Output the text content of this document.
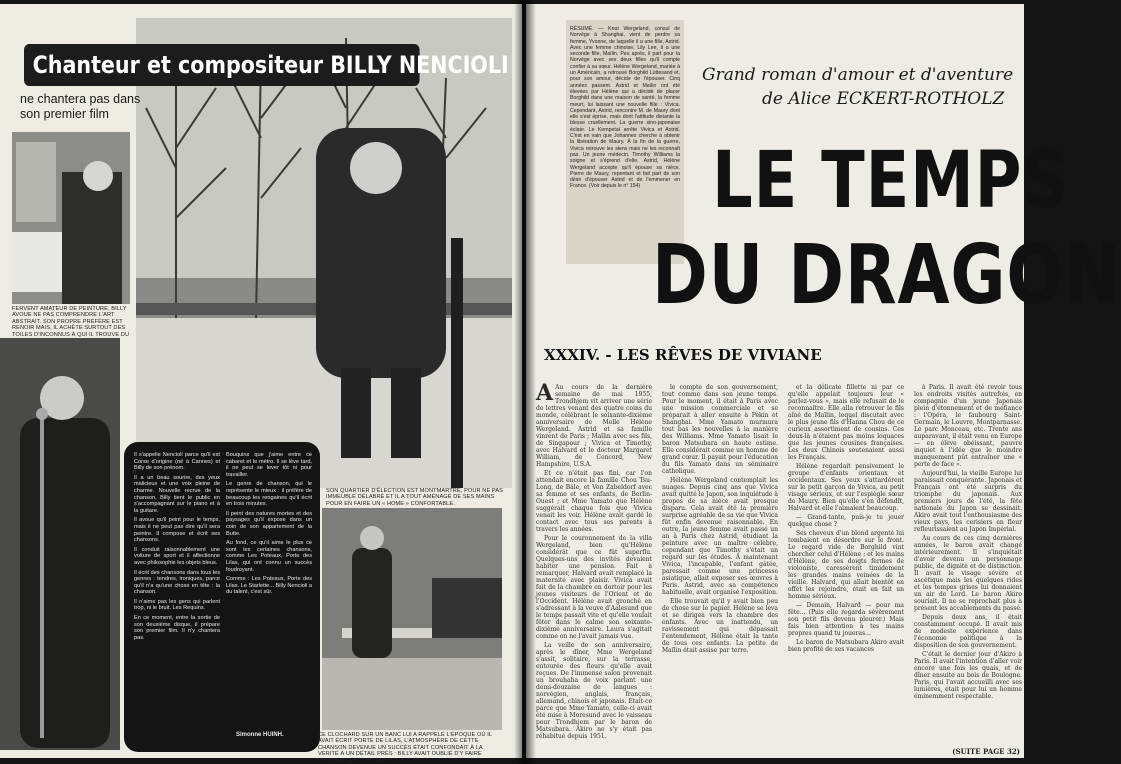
FERVENT AMATEUR DE PEINTURE, BILLY AVOUE NE PAS COMPRENDRE L'ART ABSTRAIT. SON PROPRE PRÉFÈRE EST RENOIR MAIS, IL ACHÈTE SURTOUT DES TOILES D'INCONNUS À QUI IL TROUVE DU
Chanteur et compositeur BILLY NENCIOLI
ne chantera pas dans son premier film

Il s'appelle Nencioli parce qu'il est Corse d'origine (né à Cannes) et Billy de son prénom.

Il a un beau sourire, des yeux malicieux et une voix pleine de charme. Nouvelle recrue de la chanson, Billy tient le public en s'accompagnant sur le piano et à la guitare.

Il avoue qu'il peint pour le temps, mais il ne peut pas dire qu'il sera peintre. Il compose et écrit ses chansons.

Il conduit raisonnablement une voiture de sport et il affectionne avec philosophie les objets bleus.

Il écrit des chansons dans tous les genres : tendres, ironiques, parce qu'il n'a qu'une chose en tête : la chanson.

Il n'aime pas les gens qui parlent trop, ni le bruit. Les Requins.

En ce moment, entre la sortie de son deuxième disque, il prépare son premier film. Il n'y chantera pas.

Bouquins que j'aime entre ce cabaret et le métro. Il se lève tard, il ne peut se lever tôt ni pour travailler.

Le genre de chanson, qui le représente le mieux : il préfère de beaucoup les rengaines qu'il écrit en trois minutes.

Il peint des natures mortes et des paysages qu'il expose dans un coin de son appartement de la Butte.

Au fond, ce qu'il aime le plus ce sont les certaines chansons, comme Les Poteaux, Porte des Lilas, qui ont connu un succès foudroyant.

Comme : Les Poteaux, Porte des Lilas. Le Starlette... Billy Nencioli a du talent, c'est sûr.

Simonne HUINH.
SON QUARTIER D'ÉLECTION EST MONTMARTRE, POUR NE PAS IMMEUBLE DÉLABRÉ ET IL A TOUT AMÉNAGÉ DE SES MAINS POUR EN FAIRE UN « HOME » CONFORTABLE.
CE CLOCHARD SUR UN BANC LUI A RAPPELÉ L'ÉPOQUE OÙ IL AVAIT ÉCRIT PORTE DE LILAS, L'ATMOSPHÈRE DE CETTE CHANSON DEVENUE UN SUCCÈS ÉTAIT CONFONDAIT À LA VÉRITÉ À UN DÉTAIL PRÈS : BILLY AVAIT OUBLIÉ D'Y FAIRE FIGURER LES CLOCHARDS !

RÉSUMÉ. — Knut Wergeland, consul de Norvège à Shanghai, vient de perdre sa femme, Yvonne, de laquelle il a une fille, Astrid. Avec une femme chinoise, Lily Lee, il a une seconde fille, Maïlin. Peu après, il part pour la Norvège avec ses deux filles qu'il compte confier à sa sœur. Hélène Wergeland, mariée à un Américain, a retrouvé Borghild Lüttesand et, pour son amour, décide de l'épouser. Cinq années passent. Astrid et Maïlin ont été élevées par Hélène qui a décidé de placer Borghild dans une maison de santé, la femme meurt, lui laissant une nouvelle fille : Vivica. Cependant, Astrid, rencontre M. de Maury dont elle s'est éprise, mais dont l'attitude distante la blesse cruellement. La guerre sino-japonaise éclate. Le Kempetaï arrête Vivica et Astrid. C'est en vain que Johannes cherche à obtenir la libération de Maury. À la fin de la guerre, Vivica retrouve les siens mais ne les reconnaît pas. Un jeune médecin, Timothy Williams la soigne et s'éprend d'elle. Astrid, Hélène Wergeland accepte qu'il épouse sa nièce. Pierre de Maury, repentant et fait part de son désir d'épouser Astrid et de l'emmener en France. (Voir depuis le n° 154)

Grand roman d'amour et d'aventure
de Alice ECKERT-ROTHOLZ
LE TEMPS
DU DRAGON
XXXIV. - LES RÊVES DE VIVIANE
A Au cours de la dernière semaine de mai 1955, Trondhjem vit arriver une série de lettres venant des quatre coins du monde, célébrant le soixante-dixième anniversaire de Melle Hélène Wergeland. Astrid et sa famille vinrent de Paris ; Maïlin avec ses fils, de Singapour ; Vivica et Timothy, avec Halvard et le docteur Margaret William, de Concord, New Hampshire, U.S.A.

Et ce n'était pas fini, car l'on attendait encore la famille Chou Tsu-Long, de Bâle, et Von Zabeldorf avec sa femme et ses enfants, de Berlin-Ouest ; et Mme Yamato que Hélène suggérait chaque fois que Vivica venait les voir. Hélène avait gardé le contact avec tous ses parents à travers les années.

Pour le couronnement de la villa Wergeland, bien qu'Hélène considérât que ce fût superflu. Quelques-uns des invités devaient habiter une pension. Fait à remarquer, Halvard avait remplacé la maternité avec plaisir. Vivica avait fait de la chambre en dortoir pour les jeunes visiteurs de l'Orient et de l'Occident. Hélène avait gronché en s'adressant à la veuve d'Aalesund que le temps passait vite et qu'elle voulait fêter dans le calme son soixante-dixième anniversaire. Laura s'agitait comme on ne l'avait jamais vue.

La veille de son anniversaire, après le dîner, Mme Wergeland s'assit, solitaire, sur la terrasse, entourée des fleurs qu'elle avait reçues. De l'immense salon provenait un brouhaha de voix parlant une demi-douzaine de langues : norvégien, anglais, français, allemand, chinois et japonais. Etait-ce parce que Mme Yamato, celle-ci avait été mise à Moresund avec le vaisseau pour Trondhjem par le baron de Matsubara. Akiro ne s'y était pas réhabitué depuis 1951.

le compte de son gouvernement, tout comme dans son jeune temps. Pour le moment, il était à Paris avec une mission commerciale et se préparait à aller ensuite à Pékin et Shanghai. Mme Yamato murmura tout bas les nouvelles à la manière des Williams. Mme Yamato lisait le baron Matsubara en haute estime. Elle considérait comme un homme de grand cœur. Il payait pour l'éducation du fils Yamato dans un séminaire catholique.

Hélène Wergeland contemplait les nuages. Depuis cinq ans que Vivica avait quitté le Japon, son inquiétude à propos de sa nièce avait presque disparu. Cela avait été la première surprise agréable de sa vie que Vivica fût enfin devenue raisonnable. En outre, la jeune femme avait passé un an à Paris chez Astrid, étudiant la peinture avec un maître célèbre, cependant que Timothy s'était un regard sur les études. À maintenant Vivica, l'incapable, l'enfant gâtée, paressait comme une princesse asiatique, allait exposer ses œuvres à Paris. Astrid, avec sa compétence habituelle, avait organisé l'exposition.

Elle trouvait qu'il y avait bien peu de chose sur le papier. Hélène se leva et se dirigea vers la chambre des enfants. Avec un inattendu, un ravissement qui dépassait l'entendement, Hélène était la tante de tous ces enfants. La petite de Maïlin était assise par terre.

et la délicate fillette ni par ce qu'elle appelait toujours leur « parlez-vous », mais elle refusait de le reconnaître. Elle alla retrouver le fils aîné de Maïlin, lequel discutait avec le plus jeune fils d'Hanna Chou de ce curieux assortiment de cousins. Ces deux-là n'étaient pas moins loquaces que les jeunes cousines françaises. Les deux Chinois soutenaient aussi les Français.

Hélène regardait pensivement le groupe d'enfants orientaux et occidentaux. Ses yeux s'attardèrent sur le petit garçon de Vivica, au petit visage sérieux, et sur l'espiègle sœur de Maury. Bien qu'elle s'en défendît, Halvard et elle l'aimaient beaucoup.

— Grand-tante, puis-je te jouer quelque chose ?

Ses cheveux d'un blond argenté lui tombaient en désordre sur le front. Le regard vide de Borghild vint chercher celui d'Hélène ; et les mains d'Hélène, de ses doigts fermes de violoniste, caressèrent timidement les grandes mains veinées de la vieille. Halvard, qui allait bientôt en effet les rejoindre, était en fait un homme sérieux.

— Demain, Halvard — pour ma fête... (Puis elle regarda sévèrement son petit fils devenu pleurer.) Mais fais bien attention à tes mains propres quand tu joueras...

Le baron de Matsubara Akiro avait bien profité de ses vacances

à Paris. Il avait été revoir tous les endroits visités autrefois, en compagnie d'un jeune Japonais plein d'étonnement et de méfiance : l'Opéra, le faubourg Saint-Germain, le Louvre, Montparnasse. Le parc Monceau, etc. Trente ans auparavant, il était venu en Europe — en élève obéissant, pauvre inquiet à l'idée que le moindre manquement pût entraîner une « perte de face ».

Aujourd'hui, la vieille Europe lui paraissait conquérante. Japonais et Français ont été surpris du triomphe du japonais. Aux premiers jours de l'été, la fête nationale du Japon se dessinait. Akiro avait tout l'enthousiasme des vieux pays, les cerisiers en fleur refleurissaient au Japon Impérial.

Au cours de ces cinq dernières années, le baron avait changé intérieurement. Il s'inquiétait d'avoir devenu un personnage public, de dignité et de distinction. Il avait le visage sévère et ascétique mais les quelques rides et les tempes grises lui donnaient un air de Lord. Le baron Akiro souriait. Il ne se reprochait plus à présent les accablements du passé.

Depuis deux ans, il était constamment occupé. Il avait mis de modeste expérience dans l'économie politique à la disposition de son gouvernement.

C'était le dernier jour d'Akiro à Paris. Il avait l'intention d'aller voir encore une fois les quais, et de dîner ensuite au bois de Boulogne. Paris, qui l'avait accueilli avec ses lumières, était pour lui un homme éminemment respectable.

(SUITE PAGE 32)
